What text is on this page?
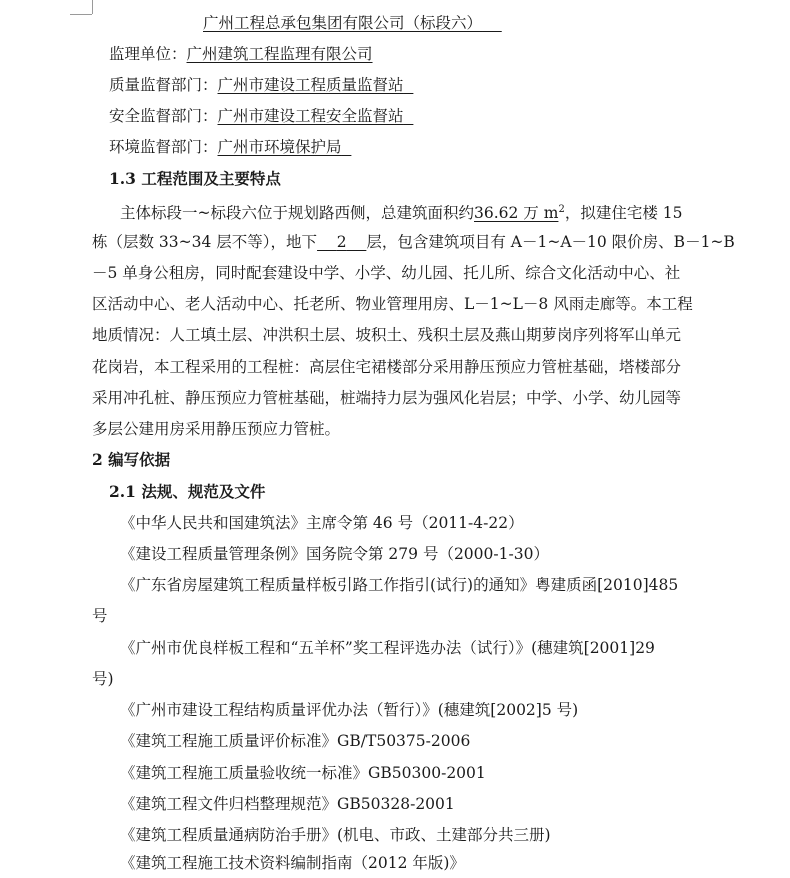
广州工程总承包集团有限公司（标段六）
监理单位：广州建筑工程监理有限公司
质量监督部门：广州市建设工程质量监督站
安全监督部门：广州市建设工程安全监督站
环境监督部门：广州市环境保护局
1.3 工程范围及主要特点
主体标段一~标段六位于规划路西侧，总建筑面积约36.62 万 $m^2$，拟建住宅楼 15
栋（层数 33~34 层不等），地下 2 层，包含建筑项目有 A－1~A－10 限价房、B－1~B
－5 单身公租房，同时配套建设中学、小学、幼儿园、托儿所、综合文化活动中心、社
区活动中心、老人活动中心、托老所、物业管理用房、L－1~L－8 风雨走廊等。本工程
地质情况：人工填土层、冲洪积土层、坡积土、残积土层及燕山期萝岗序列将军山单元
花岗岩，本工程采用的工程桩：高层住宅裙楼部分采用静压预应力管桩基础，塔楼部分
采用冲孔桩、静压预应力管桩基础，桩端持力层为强风化岩层；中学、小学、幼儿园等
多层公建用房采用静压预应力管桩。
2 编写依据
2.1 法规、规范及文件
《中华人民共和国建筑法》主席令第 46 号（2011-4-22）
《建设工程质量管理条例》国务院令第 279 号（2000-1-30）
《广东省房屋建筑工程质量样板引路工作指引(试行)的通知》粤建质函[2010]485
号
《广州市优良样板工程和“五羊杯”奖工程评选办法（试行）》(穗建筑[2001]29
号)
《广州市建设工程结构质量评优办法（暂行）》(穗建筑[2002]5 号)
《建筑工程施工质量评价标准》GB/T50375-2006
《建筑工程施工质量验收统一标准》GB50300-2001
《建筑工程文件归档整理规范》GB50328-2001
《建筑工程质量通病防治手册》(机电、市政、土建部分共三册)
《建筑工程施工技术资料编制指南（2012 年版)》
